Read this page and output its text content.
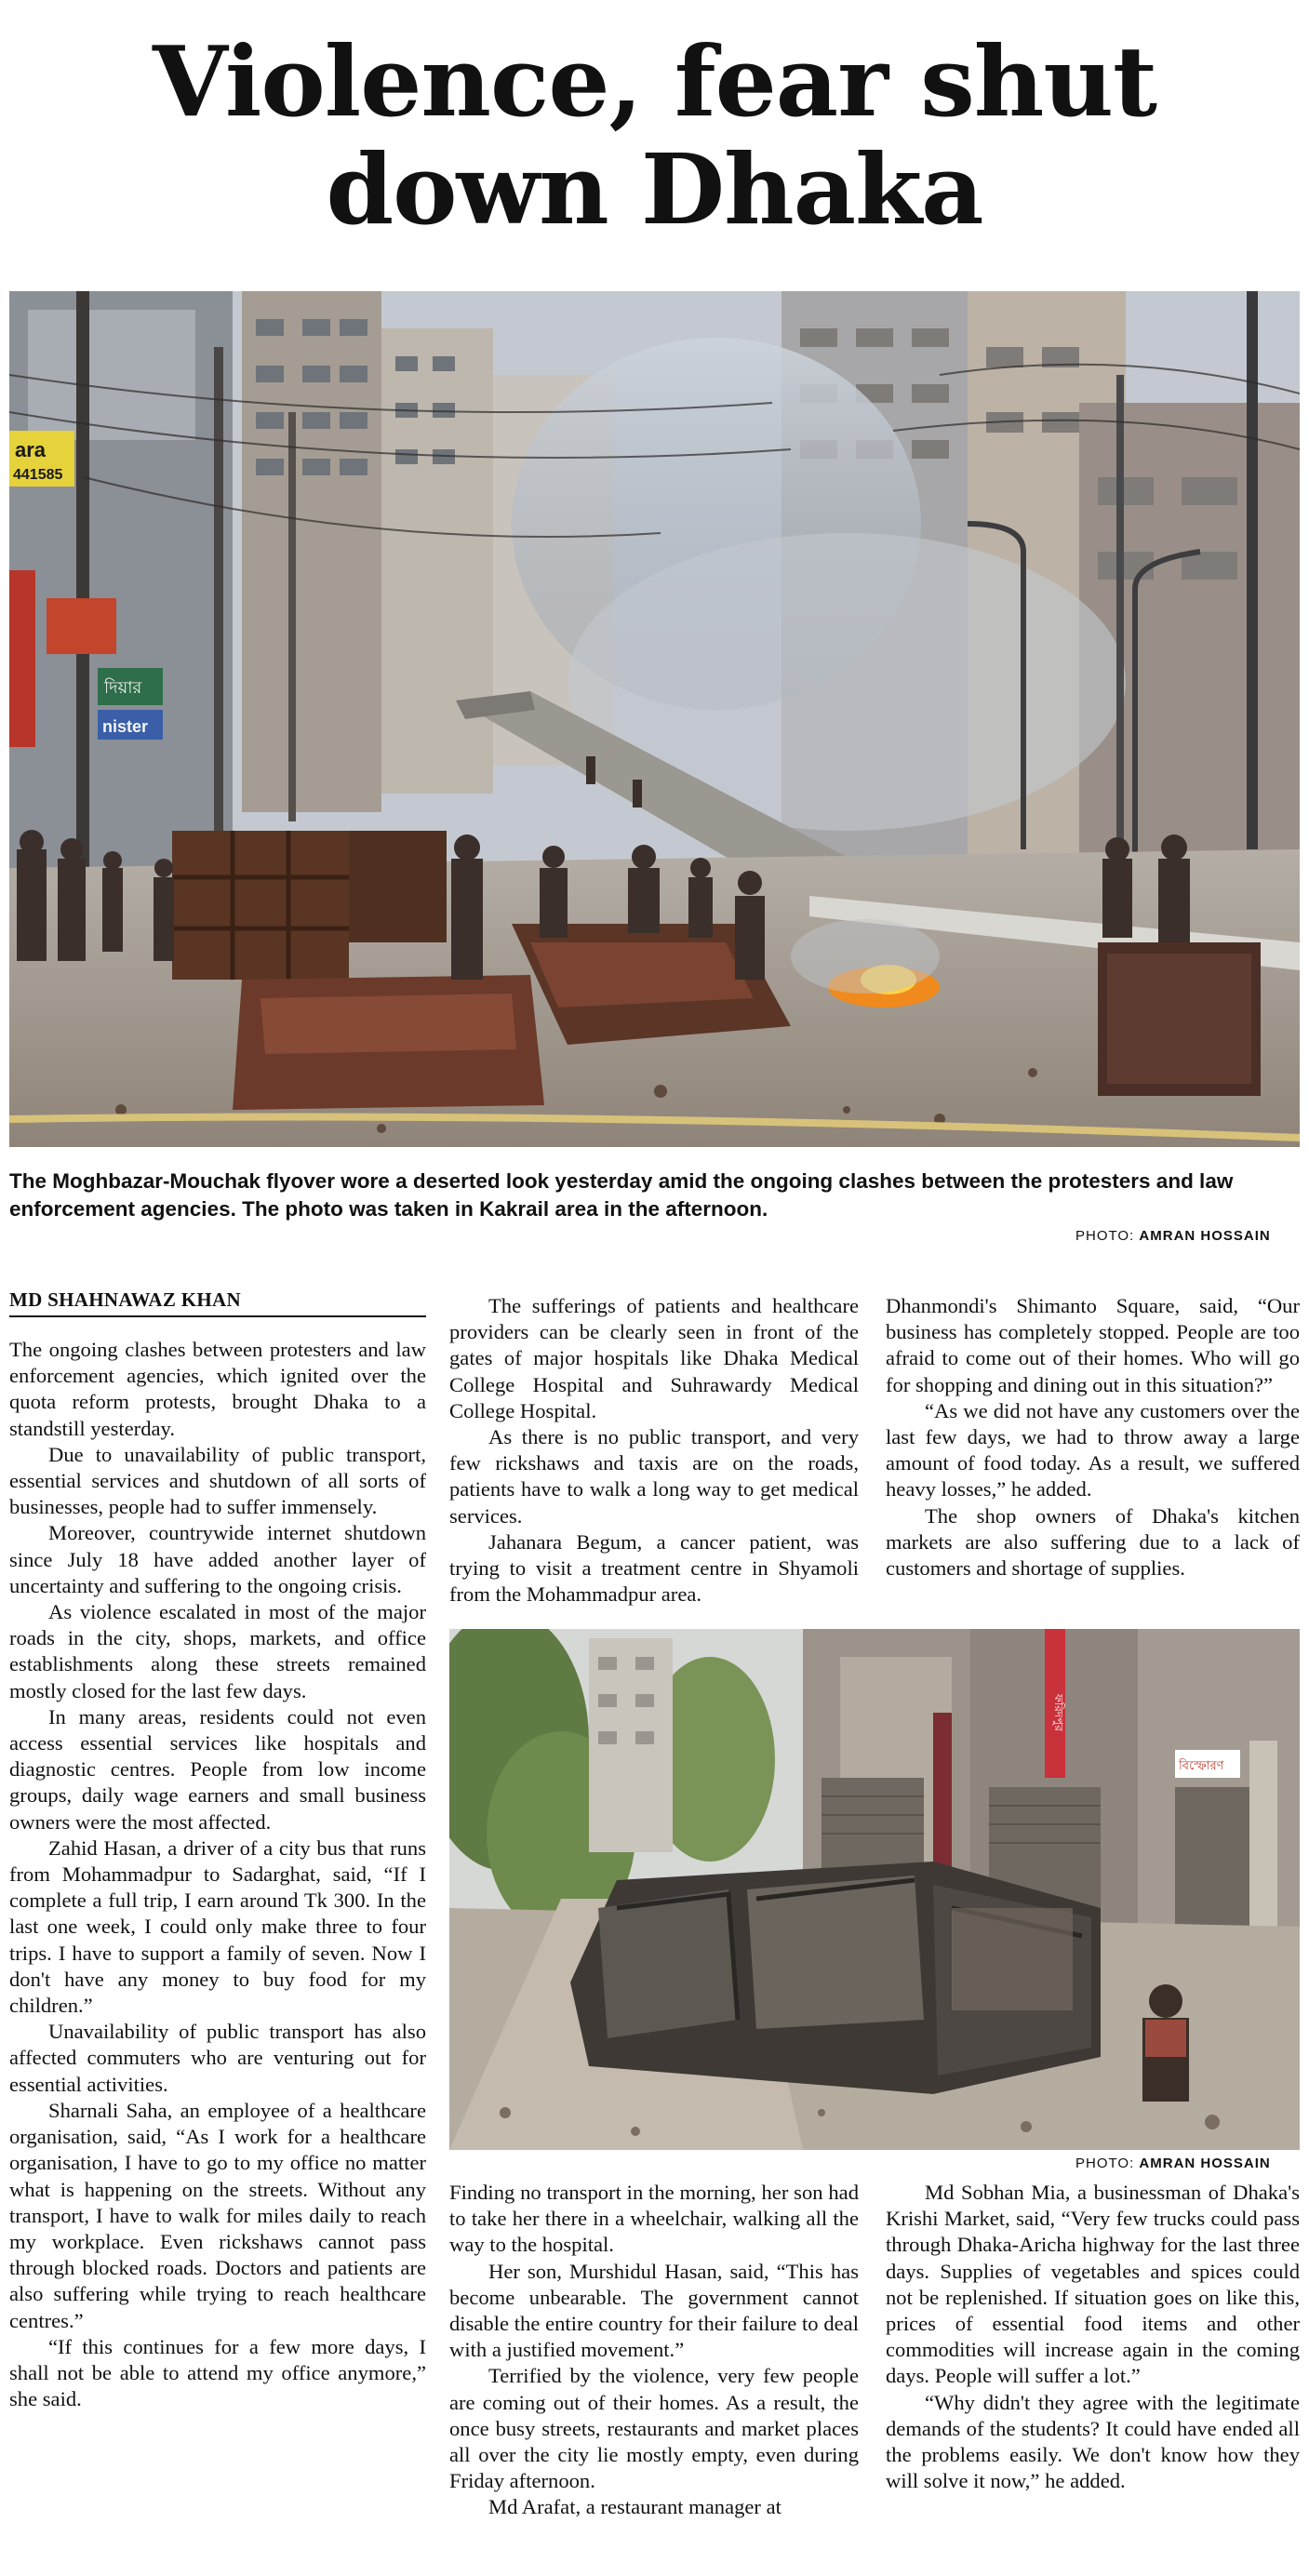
Violence, fear shut
down Dhaka
ara
441585
দিয়ার
nister
The Moghbazar-Mouchak flyover wore a deserted look yesterday amid the ongoing clashes between the protesters and law enforcement agencies. The photo was taken in Kakrail area in the afternoon.
PHOTO: AMRAN HOSSAIN
MD SHAHNAWAZ KHAN

The ongoing clashes between protesters and law enforcement agencies, which ignited over the quota reform protests, brought Dhaka to a standstill yesterday.

Due to unavailability of public transport, essential services and shutdown of all sorts of businesses, people had to suffer immensely.

Moreover, countrywide internet shutdown since July 18 have added another layer of uncertainty and suffering to the ongoing crisis.

As violence escalated in most of the major roads in the city, shops, markets, and office establishments along these streets remained mostly closed for the last few days.

In many areas, residents could not even access essential services like hospitals and diagnostic centres. People from low income groups, daily wage earners and small business owners were the most affected.

Zahid Hasan, a driver of a city bus that runs from Mohammadpur to Sadarghat, said, “If I complete a full trip, I earn around Tk 300. In the last one week, I could only make three to four trips. I have to support a family of seven. Now I don't have any money to buy food for my children.”

Unavailability of public transport has also affected commuters who are venturing out for essential activities.

Sharnali Saha, an employee of a healthcare organisation, said, “As I work for a healthcare organisation, I have to go to my office no matter what is happening on the streets. Without any transport, I have to walk for miles daily to reach my workplace. Even rickshaws cannot pass through blocked roads. Doctors and patients are also suffering while trying to reach healthcare centres.”

“If this continues for a few more days, I shall not be able to attend my office anymore,” she said.

The sufferings of patients and healthcare providers can be clearly seen in front of the gates of major hospitals like Dhaka Medical College Hospital and Suhrawardy Medical College Hospital.

As there is no public transport, and very few rickshaws and taxis are on the roads, patients have to walk a long way to get medical services.

Jahanara Begum, a cancer patient, was trying to visit a treatment centre in Shyamoli from the Mohammadpur area.

Dhanmondi's Shimanto Square, said, “Our business has completely stopped. People are too afraid to come out of their homes. Who will go for shopping and dining out in this situation?”

“As we did not have any customers over the last few days, we had to throw away a large amount of food today. As a result, we suffered heavy losses,” he added.

The shop owners of Dhaka's kitchen markets are also suffering due to a lack of customers and shortage of supplies.

ফরিদপুর
বিস্ফোরণ
PHOTO: AMRAN HOSSAIN

Finding no transport in the morning, her son had to take her there in a wheelchair, walking all the way to the hospital.

Her son, Murshidul Hasan, said, “This has become unbearable. The government cannot disable the entire country for their failure to deal with a justified movement.”

Terrified by the violence, very few people are coming out of their homes. As a result, the once busy streets, restaurants and market places all over the city lie mostly empty, even during Friday afternoon.

Md Arafat, a restaurant manager at

Md Sobhan Mia, a businessman of Dhaka's Krishi Market, said, “Very few trucks could pass through Dhaka-Aricha highway for the last three days. Supplies of vegetables and spices could not be replenished. If situation goes on like this, prices of essential food items and other commodities will increase again in the coming days. People will suffer a lot.”

“Why didn't they agree with the legitimate demands of the students? It could have ended all the problems easily. We don't know how they will solve it now,” he added.
